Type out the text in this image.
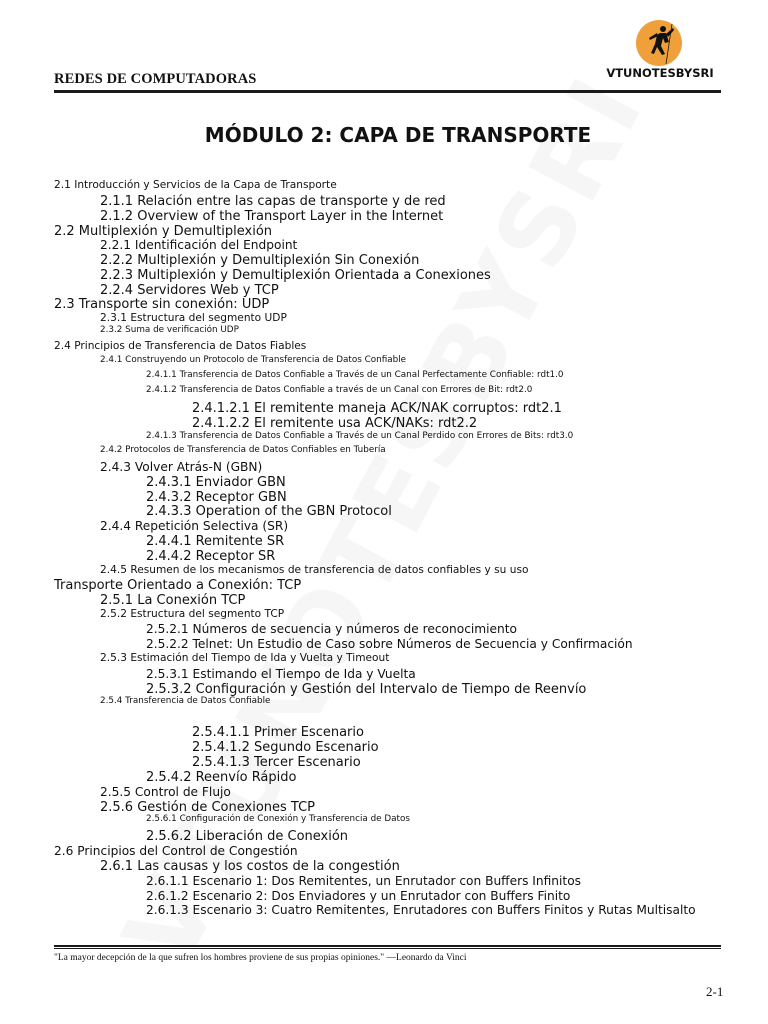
REDES DE COMPUTADORAS	VTUNOTESBYSRI
MÓDULO 2: CAPA DE TRANSPORTE
2.1 Introducción y Servicios de la Capa de Transporte
2.1.1 Relación entre las capas de transporte y de red
2.1.2 Overview of the Transport Layer in the Internet
2.2 Multiplexión y Demultiplexión
2.2.1 Identificación del Endpoint
2.2.2 Multiplexión y Demultiplexión Sin Conexión
2.2.3 Multiplexión y Demultiplexión Orientada a Conexiones
2.2.4 Servidores Web y TCP
2.3 Transporte sin conexión: UDP
2.3.1 Estructura del segmento UDP
2.3.2 Suma de verificación UDP
2.4 Principios de Transferencia de Datos Fiables
2.4.1 Construyendo un Protocolo de Transferencia de Datos Confiable
2.4.1.1 Transferencia de Datos Confiable a Través de un Canal Perfectamente Confiable: rdt1.0
2.4.1.2 Transferencia de Datos Confiable a través de un Canal con Errores de Bit: rdt2.0
2.4.1.2.1 El remitente maneja ACK/NAK corruptos: rdt2.1
2.4.1.2.2 El remitente usa ACK/NAKs: rdt2.2
2.4.1.3 Transferencia de Datos Confiable a Través de un Canal Perdido con Errores de Bits: rdt3.0
2.4.2 Protocolos de Transferencia de Datos Confiables en Tubería
2.4.3 Volver Atrás-N (GBN)
2.4.3.1 Enviador GBN
2.4.3.2 Receptor GBN
2.4.3.3 Operation of the GBN Protocol
2.4.4 Repetición Selectiva (SR)
2.4.4.1 Remitente SR
2.4.4.2 Receptor SR
2.4.5 Resumen de los mecanismos de transferencia de datos confiables y su uso
Transporte Orientado a Conexión: TCP
2.5.1 La Conexión TCP
2.5.2 Estructura del segmento TCP
2.5.2.1 Números de secuencia y números de reconocimiento
2.5.2.2 Telnet: Un Estudio de Caso sobre Números de Secuencia y Confirmación
2.5.3 Estimación del Tiempo de Ida y Vuelta y Timeout
2.5.3.1 Estimando el Tiempo de Ida y Vuelta
2.5.3.2 Configuración y Gestión del Intervalo de Tiempo de Reenvío
2.5.4 Transferencia de Datos Confiable
2.5.4.1.1 Primer Escenario
2.5.4.1.2 Segundo Escenario
2.5.4.1.3 Tercer Escenario
2.5.4.2 Reenvío Rápido
2.5.5 Control de Flujo
2.5.6 Gestión de Conexiones TCP
2.5.6.1 Configuración de Conexión y Transferencia de Datos
2.5.6.2 Liberación de Conexión
2.6 Principios del Control de Congestión
2.6.1 Las causas y los costos de la congestión
2.6.1.1 Escenario 1: Dos Remitentes, un Enrutador con Buffers Infinitos
2.6.1.2 Escenario 2: Dos Enviadores y un Enrutador con Buffers Finito
2.6.1.3 Escenario 3: Cuatro Remitentes, Enrutadores con Buffers Finitos y Rutas Multisalto
"La mayor decepción de la que sufren los hombres proviene de sus propias opiniones." —Leonardo da Vinci
2-1
